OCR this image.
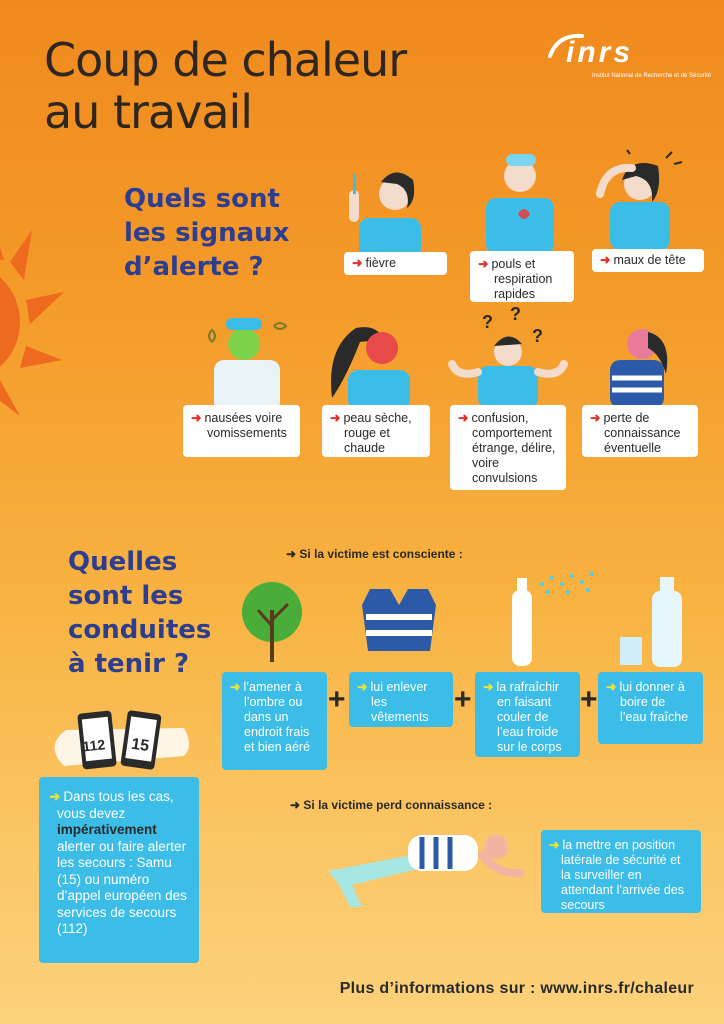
Coup de chaleur
au travail
inrs
Institut National de Recherche et de Sécurité
Quels sont
les signaux
d’alerte ?
? ?
?
➜ fièvre	➜ pouls et respiration rapides
➜ maux de tête
➜ nausées voire vomissements
➜ peau sèche, rouge et chaude
➜ confusion, comportement étrange, délire, voire convulsions
➜ perte de connaissance éventuelle
Quelles
sont les
conduites
à tenir ?
➜ Si la victime est consciente :
➜ l’amener à l’ombre ou dans un endroit frais et bien aéré
+ ➜ lui enlever les vêtements
+ ➜ la rafraîchir en faisant couler de l’eau froide sur le corps
+ ➜ lui donner à boire de l’eau fraîche
112 15
➜ Dans tous les cas, vous devez impérativement alerter ou faire alerter les secours : Samu (15) ou numéro d’appel européen des services de secours (112)
➜ Si la victime perd connaissance :
➜ la mettre en position latérale de sécurité et la surveiller en attendant l’arrivée des secours
Plus d’informations sur : www.inrs.fr/chaleur
